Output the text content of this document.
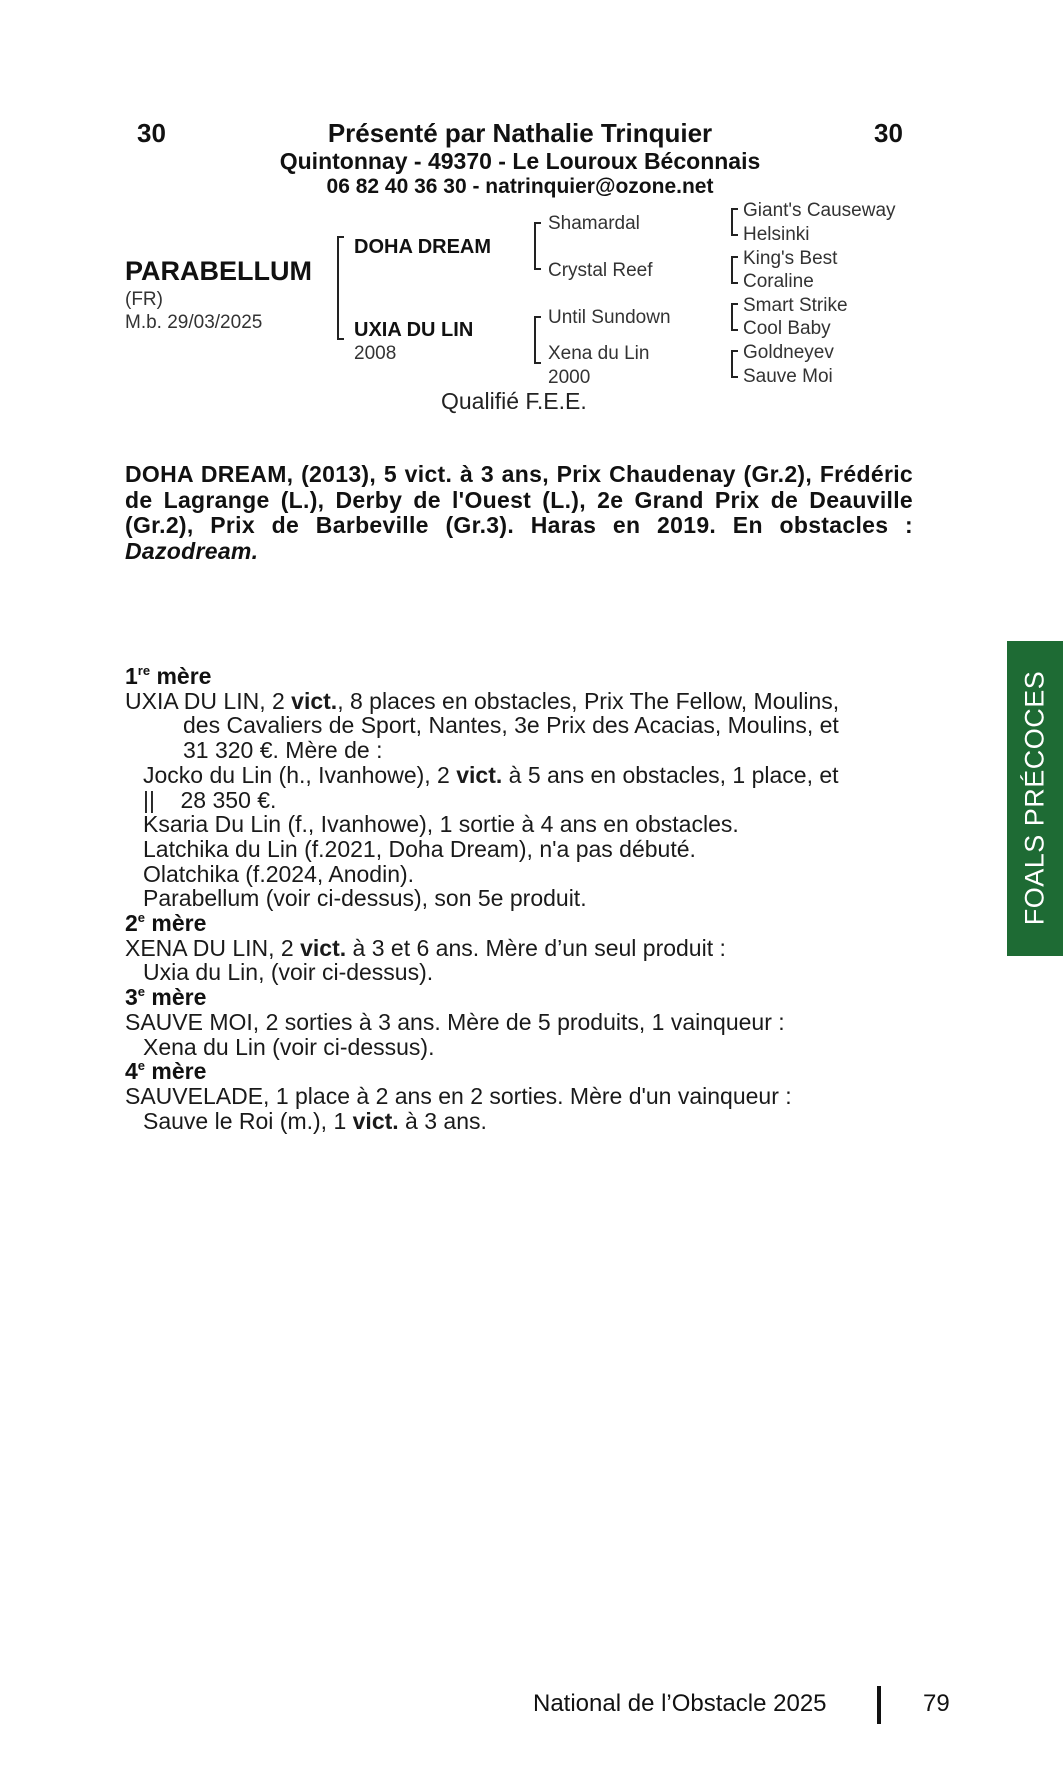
30	30
Présenté par Nathalie Trinquier
Quintonnay - 49370 - Le Louroux Béconnais
06 82 40 36 30 - natrinquier@ozone.net
PARABELLUM
(FR)
M.b. 29/03/2025
DOHA DREAM
UXIA DU LIN
2008
Shamardal
Crystal Reef
Until Sundown
Xena du Lin
2000
Giant's Causeway
Helsinki
King's Best
Coraline
Smart Strike
Cool Baby
Goldneyev
Sauve Moi
Qualifié F.E.E.
DOHA DREAM, (2013), 5 vict. à 3 ans, Prix Chaudenay (Gr.2), Frédéric de Lagrange (L.), Derby de l'Ouest (L.), 2e Grand Prix de Deauville (Gr.2), Prix de Barbeville (Gr.3). Haras en 2019. En obstacles : Dazodream.
1re mère
UXIA DU LIN, 2 vict., 8 places en obstacles, Prix The Fellow, Moulins,
des Cavaliers de Sport, Nantes, 3e Prix des Acacias, Moulins, et
31 320 €. Mère de :
Jocko du Lin (h., Ivanhowe), 2 vict. à 5 ans en obstacles, 1 place, et
||    28 350 €.
Ksaria Du Lin (f., Ivanhowe), 1 sortie à 4 ans en obstacles.
Latchika du Lin (f.2021, Doha Dream), n'a pas débuté.
Olatchika (f.2024, Anodin).
Parabellum (voir ci-dessus), son 5e produit.
2e mère
XENA DU LIN, 2 vict. à 3 et 6 ans. Mère d’un seul produit :
Uxia du Lin, (voir ci-dessus).
3e mère
SAUVE MOI, 2 sorties à 3 ans. Mère de 5 produits, 1 vainqueur :
Xena du Lin (voir ci-dessus).
4e mère
SAUVELADE, 1 place à 2 ans en 2 sorties. Mère d'un vainqueur :
Sauve le Roi (m.), 1 vict. à 3 ans.
FOALS PRÉCOCES
National de l’Obstacle 2025	79
